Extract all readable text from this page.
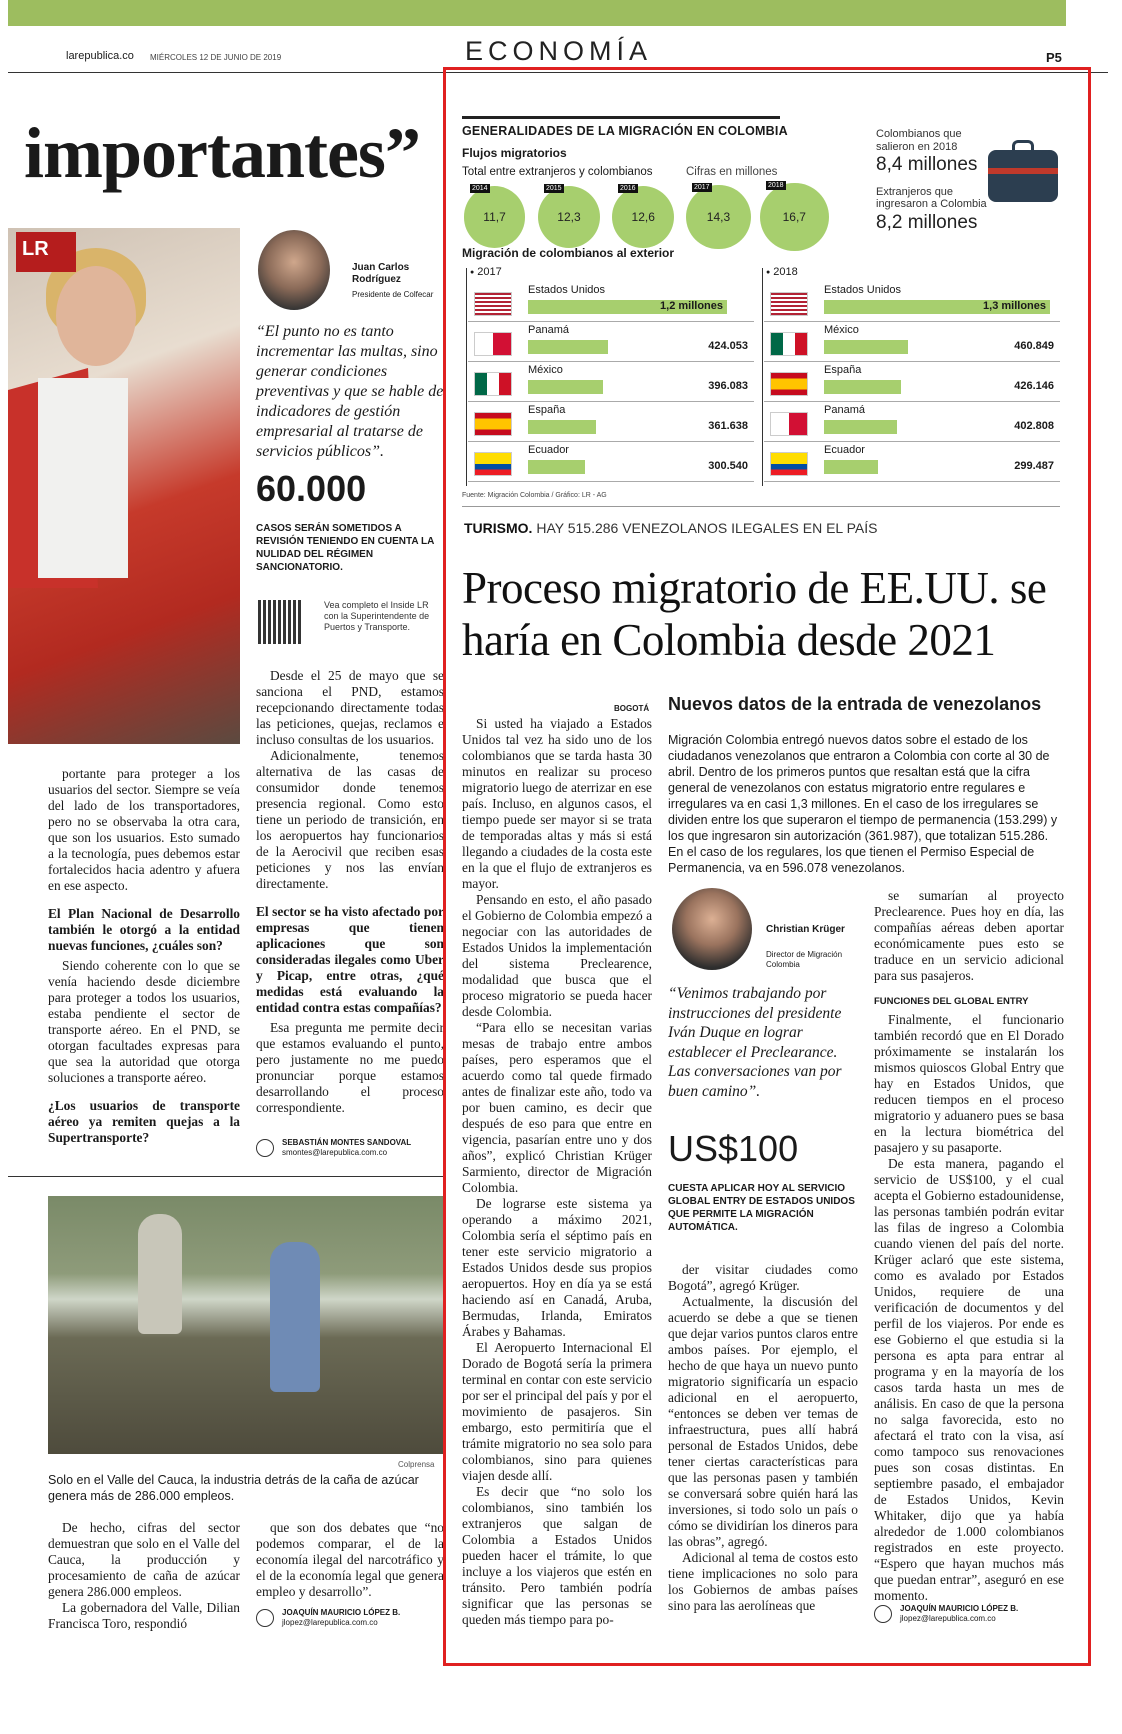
larepublica.co MIÉRCOLES 12 DE JUNIO DE 2019	ECONOMÍA	P5
importantes”
LR
Juan Carlos Rodríguez
Presidente de Colfecar
“El punto no es tanto incrementar las multas, sino generar condiciones preventivas y que se hable de indicadores de gestión empresarial al tratarse de servicios públicos”.
60.000
CASOS SERÁN SOMETIDOS A REVISIÓN TENIENDO EN CUENTA LA NULIDAD DEL RÉGIMEN SANCIONATORIO.
Vea completo el Inside LR con la Superintendente de Puertos y Transporte.
portante para proteger a los usuarios del sector. Siempre se veía del lado de los transportadores, pero no se observaba la otra cara, que son los usuarios. Esto sumado a la tecnología, pues debemos estar fortalecidos hacia adentro y afuera en ese aspecto.
El Plan Nacional de Desarrollo también le otorgó a la entidad nuevas funciones, ¿cuáles son?
Siendo coherente con lo que se venía haciendo desde diciembre para proteger a todos los usuarios, estaba pendiente el sector de transporte aéreo. En el PND, se otorgan facultades expresas para que sea la autoridad que otorga soluciones a transporte aéreo.
¿Los usuarios de transporte aéreo ya remiten quejas a la Supertransporte?
Desde el 25 de mayo que se sanciona el PND, estamos recepcionando directamente todas las peticiones, quejas, reclamos e incluso consultas de los usuarios.
Adicionalmente, tenemos alternativa de las casas de consumidor donde tenemos presencia regional. Como esto tiene un periodo de transición, en los aeropuertos hay funcionarios de la Aerocivil que reciben esas peticiones y nos las envían directamente.
El sector se ha visto afectado por empresas que tienen aplicaciones que son consideradas ilegales como Uber y Picap, entre otras, ¿qué medidas está evaluando la entidad contra estas compañías?
Esa pregunta me permite decir que estamos evaluando el punto, pero justamente no me puedo pronunciar porque estamos desarrollando el proceso correspondiente.
SEBASTIÁN MONTES SANDOVAL
smontes@larepublica.com.co
Colprensa
Solo en el Valle del Cauca, la industria detrás de la caña de azúcar genera más de 286.000 empleos.
De hecho, cifras del sector demuestran que solo en el Valle del Cauca, la producción y procesamiento de caña de azúcar genera 286.000 empleos.
La gobernadora del Valle, Dilian Francisca Toro, respondió
que son dos debates que “no podemos comparar, el de la economía ilegal del narcotráfico y el de la economía legal que genera empleo y desarrollo”.
JOAQUÍN MAURICIO LÓPEZ B.
jlopez@larepublica.com.co
GENERALIDADES DE LA MIGRACIÓN EN COLOMBIA
Flujos migratorios
Total entre extranjeros y colombianos	Cifras en millones
2014
11,7
2015
12,3
2016
12,6
2017
14,3
2018
16,7
Colombianos que salieron en 2018
8,4 millones
Extranjeros que ingresaron a Colombia
8,2 millones
Migración de colombianos al exterior
● 2017
Estados Unidos
1,2 millones
Panamá
424.053
México
396.083
España
361.638
Ecuador
300.540
● 2018
Estados Unidos
1,3 millones
México
460.849
España
426.146
Panamá
402.808
Ecuador
299.487
Fuente: Migración Colombia / Gráfico: LR - AG
TURISMO. HAY 515.286 VENEZOLANOS ILEGALES EN EL PAÍS
Proceso migratorio de EE.UU. se haría en Colombia desde 2021
BOGOTÁ Nuevos datos de la entrada de venezolanos
Si usted ha viajado a Estados Unidos tal vez ha sido uno de los colombianos que se tarda hasta 30 minutos en realizar su proceso migratorio luego de aterrizar en ese país. Incluso, en algunos casos, el tiempo puede ser mayor si se trata de temporadas altas y más si está llegando a ciudades de la costa este en la que el flujo de extranjeros es mayor.
Pensando en esto, el año pasado el Gobierno de Colombia empezó a negociar con las autoridades de Estados Unidos la implementación del sistema Preclearence, modalidad que busca que el proceso migratorio se pueda hacer desde Colombia.
“Para ello se necesitan varias mesas de trabajo entre ambos países, pero esperamos que el acuerdo como tal quede firmado antes de finalizar este año, todo va por buen camino, es decir que después de eso para que entre en vigencia, pasarían entre uno y dos años”, explicó Christian Krüger Sarmiento, director de Migración Colombia.
De lograrse este sistema ya operando a máximo 2021, Colombia sería el séptimo país en tener este servicio migratorio a Estados Unidos desde sus propios aeropuertos. Hoy en día ya se está haciendo así en Canadá, Aruba, Bermudas, Irlanda, Emiratos Árabes y Bahamas.
El Aeropuerto Internacional El Dorado de Bogotá sería la primera terminal en contar con este servicio por ser el principal del país y por el movimiento de pasajeros. Sin embargo, esto permitiría que el trámite migratorio no sea solo para colombianos, sino para quienes viajen desde allí.
Es decir que “no solo los colombianos, sino también los extranjeros que salgan de Colombia a Estados Unidos pueden hacer el trámite, lo que incluye a los viajeros que estén en tránsito. Pero también podría significar que las personas se queden más tiempo para po-
Migración Colombia entregó nuevos datos sobre el estado de los ciudadanos venezolanos que entraron a Colombia con corte al 30 de abril. Dentro de los primeros puntos que resaltan está que la cifra general de venezolanos con estatus migratorio entre regulares e irregulares va en casi 1,3 millones. En el caso de los irregulares se dividen entre los que superaron el tiempo de permanencia (153.299) y los que ingresaron sin autorización (361.987), que totalizan 515.286. En el caso de los regulares, los que tienen el Permiso Especial de Permanencia, va en 596.078 venezolanos.
Christian Krüger
Director de Migración Colombia
“Venimos trabajando por instrucciones del presidente Iván Duque en lograr establecer el Preclearance. Las conversaciones van por buen camino”.
US$100
CUESTA APLICAR HOY AL SERVICIO GLOBAL ENTRY DE ESTADOS UNIDOS QUE PERMITE LA MIGRACIÓN AUTOMÁTICA.
der visitar ciudades como Bogotá”, agregó Krüger.
Actualmente, la discusión del acuerdo se debe a que se tienen que dejar varios puntos claros entre ambos países. Por ejemplo, el hecho de que haya un nuevo punto migratorio significaría un espacio adicional en el aeropuerto, “entonces se deben ver temas de infraestructura, pues allí habrá personal de Estados Unidos, debe tener ciertas características para que las personas pasen y también se conversará sobre quién hará las inversiones, si todo solo un país o cómo se dividirían los dineros para las obras”, agregó.
Adicional al tema de costos esto tiene implicaciones no solo para los Gobiernos de ambas países sino para las aerolíneas que
se sumarían al proyecto Preclearence. Pues hoy en día, las compañías aéreas deben aportar económicamente pues esto se traduce en un servicio adicional para sus pasajeros.
FUNCIONES DEL GLOBAL ENTRY
Finalmente, el funcionario también recordó que en El Dorado próximamente se instalarán los mismos quioscos Global Entry que hay en Estados Unidos, que reducen tiempos en el proceso migratorio y aduanero pues se basa en la lectura biométrica del pasajero y su pasaporte.
De esta manera, pagando el servicio de US$100, y el cual acepta el Gobierno estadounidense, las personas también podrán evitar las filas de ingreso a Colombia cuando vienen del país del norte. Krüger aclaró que este sistema, como es avalado por Estados Unidos, requiere de una verificación de documentos y del perfil de los viajeros. Por ende es ese Gobierno el que estudia si la persona es apta para entrar al programa y en la mayoría de los casos tarda hasta un mes de análisis. En caso de que la persona no salga favorecida, esto no afectará el trato con la visa, así como tampoco sus renovaciones pues son cosas distintas. En septiembre pasado, el embajador de Estados Unidos, Kevin Whitaker, dijo que ya había alrededor de 1.000 colombianos registrados en este proyecto. “Espero que hayan muchos más que puedan entrar”, aseguró en ese momento.
JOAQUÍN MAURICIO LÓPEZ B.
jlopez@larepublica.com.co
